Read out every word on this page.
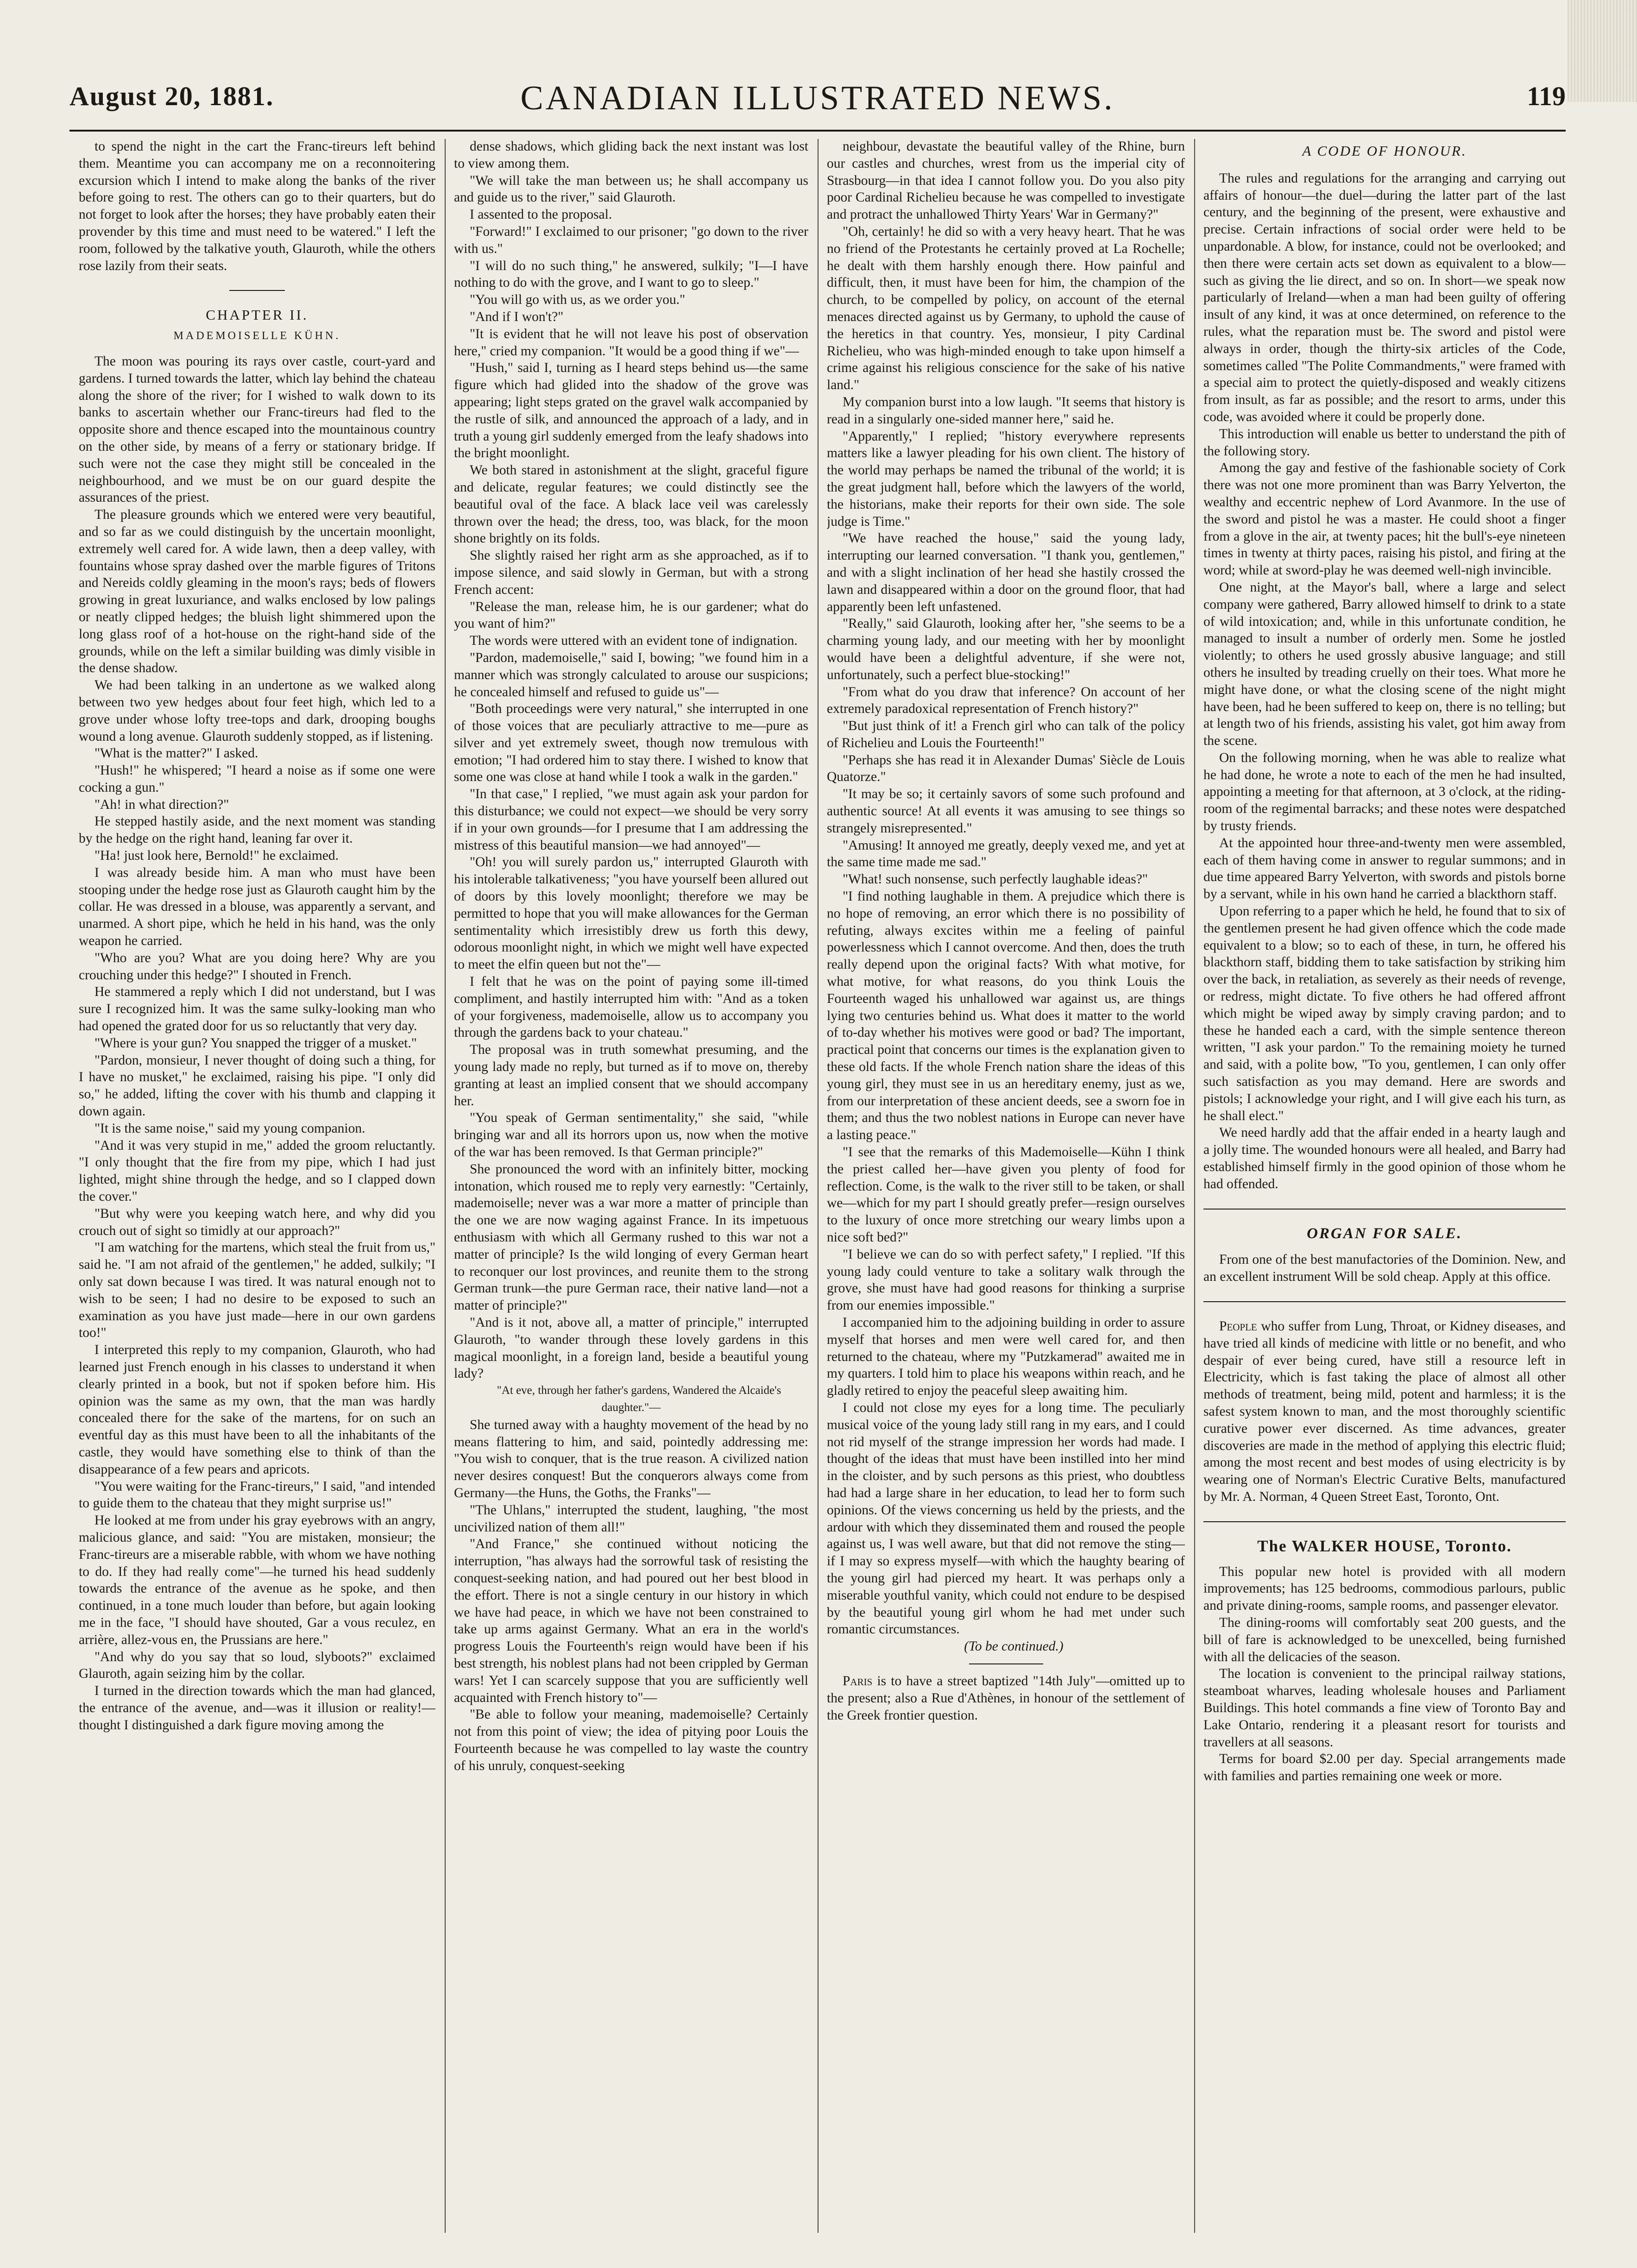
August 20, 1881.	CANADIAN ILLUSTRATED NEWS.	119

to spend the night in the cart the Franc-tireurs left behind them. Meantime you can accompany me on a reconnoitering excursion which I intend to make along the banks of the river before going to rest. The others can go to their quarters, but do not forget to look after the horses; they have probably eaten their provender by this time and must need to be watered." I left the room, followed by the talkative youth, Glauroth, while the others rose lazily from their seats.

CHAPTER II.
MADEMOISELLE KÜHN.

The moon was pouring its rays over castle, court-yard and gardens. I turned towards the latter, which lay behind the chateau along the shore of the river; for I wished to walk down to its banks to ascertain whether our Franc-tireurs had fled to the opposite shore and thence escaped into the mountainous country on the other side, by means of a ferry or stationary bridge. If such were not the case they might still be concealed in the neighbourhood, and we must be on our guard despite the assurances of the priest.

The pleasure grounds which we entered were very beautiful, and so far as we could distinguish by the uncertain moonlight, extremely well cared for. A wide lawn, then a deep valley, with fountains whose spray dashed over the marble figures of Tritons and Nereids coldly gleaming in the moon's rays; beds of flowers growing in great luxuriance, and walks enclosed by low palings or neatly clipped hedges; the bluish light shimmered upon the long glass roof of a hot-house on the right-hand side of the grounds, while on the left a similar building was dimly visible in the dense shadow.

We had been talking in an undertone as we walked along between two yew hedges about four feet high, which led to a grove under whose lofty tree-tops and dark, drooping boughs wound a long avenue. Glauroth suddenly stopped, as if listening.

"What is the matter?" I asked.

"Hush!" he whispered; "I heard a noise as if some one were cocking a gun."

"Ah! in what direction?"

He stepped hastily aside, and the next moment was standing by the hedge on the right hand, leaning far over it.

"Ha! just look here, Bernold!" he exclaimed.

I was already beside him. A man who must have been stooping under the hedge rose just as Glauroth caught him by the collar. He was dressed in a blouse, was apparently a servant, and unarmed. A short pipe, which he held in his hand, was the only weapon he carried.

"Who are you? What are you doing here? Why are you crouching under this hedge?" I shouted in French.

He stammered a reply which I did not understand, but I was sure I recognized him. It was the same sulky-looking man who had opened the grated door for us so reluctantly that very day.

"Where is your gun? You snapped the trigger of a musket."

"Pardon, monsieur, I never thought of doing such a thing, for I have no musket," he exclaimed, raising his pipe. "I only did so," he added, lifting the cover with his thumb and clapping it down again.

"It is the same noise," said my young companion.

"And it was very stupid in me," added the groom reluctantly. "I only thought that the fire from my pipe, which I had just lighted, might shine through the hedge, and so I clapped down the cover."

"But why were you keeping watch here, and why did you crouch out of sight so timidly at our approach?"

"I am watching for the martens, which steal the fruit from us," said he. "I am not afraid of the gentlemen," he added, sulkily; "I only sat down because I was tired. It was natural enough not to wish to be seen; I had no desire to be exposed to such an examination as you have just made—here in our own gardens too!"

I interpreted this reply to my companion, Glauroth, who had learned just French enough in his classes to understand it when clearly printed in a book, but not if spoken before him. His opinion was the same as my own, that the man was hardly concealed there for the sake of the martens, for on such an eventful day as this must have been to all the inhabitants of the castle, they would have something else to think of than the disappearance of a few pears and apricots.

"You were waiting for the Franc-tireurs," I said, "and intended to guide them to the chateau that they might surprise us!"

He looked at me from under his gray eyebrows with an angry, malicious glance, and said: "You are mistaken, monsieur; the Franc-tireurs are a miserable rabble, with whom we have nothing to do. If they had really come"—he turned his head suddenly towards the entrance of the avenue as he spoke, and then continued, in a tone much louder than before, but again looking me in the face, "I should have shouted, Gar a vous reculez, en arrière, allez-vous en, the Prussians are here."

"And why do you say that so loud, slyboots?" exclaimed Glauroth, again seizing him by the collar.

I turned in the direction towards which the man had glanced, the entrance of the avenue, and—was it illusion or reality!—thought I distinguished a dark figure moving among the

dense shadows, which gliding back the next instant was lost to view among them.

"We will take the man between us; he shall accompany us and guide us to the river," said Glauroth.

I assented to the proposal.

"Forward!" I exclaimed to our prisoner; "go down to the river with us."

"I will do no such thing," he answered, sulkily; "I—I have nothing to do with the grove, and I want to go to sleep."

"You will go with us, as we order you."

"And if I won't?"

"It is evident that he will not leave his post of observation here," cried my companion. "It would be a good thing if we"—

"Hush," said I, turning as I heard steps behind us—the same figure which had glided into the shadow of the grove was appearing; light steps grated on the gravel walk accompanied by the rustle of silk, and announced the approach of a lady, and in truth a young girl suddenly emerged from the leafy shadows into the bright moonlight.

We both stared in astonishment at the slight, graceful figure and delicate, regular features; we could distinctly see the beautiful oval of the face. A black lace veil was carelessly thrown over the head; the dress, too, was black, for the moon shone brightly on its folds.

She slightly raised her right arm as she approached, as if to impose silence, and said slowly in German, but with a strong French accent:

"Release the man, release him, he is our gardener; what do you want of him?"

The words were uttered with an evident tone of indignation.

"Pardon, mademoiselle," said I, bowing; "we found him in a manner which was strongly calculated to arouse our suspicions; he concealed himself and refused to guide us"—

"Both proceedings were very natural," she interrupted in one of those voices that are peculiarly attractive to me—pure as silver and yet extremely sweet, though now tremulous with emotion; "I had ordered him to stay there. I wished to know that some one was close at hand while I took a walk in the garden."

"In that case," I replied, "we must again ask your pardon for this disturbance; we could not expect—we should be very sorry if in your own grounds—for I presume that I am addressing the mistress of this beautiful mansion—we had annoyed"—

"Oh! you will surely pardon us," interrupted Glauroth with his intolerable talkativeness; "you have yourself been allured out of doors by this lovely moonlight; therefore we may be permitted to hope that you will make allowances for the German sentimentality which irresistibly drew us forth this dewy, odorous moonlight night, in which we might well have expected to meet the elfin queen but not the"—

I felt that he was on the point of paying some ill-timed compliment, and hastily interrupted him with: "And as a token of your forgiveness, mademoiselle, allow us to accompany you through the gardens back to your chateau."

The proposal was in truth somewhat presuming, and the young lady made no reply, but turned as if to move on, thereby granting at least an implied consent that we should accompany her.

"You speak of German sentimentality," she said, "while bringing war and all its horrors upon us, now when the motive of the war has been removed. Is that German principle?"

She pronounced the word with an infinitely bitter, mocking intonation, which roused me to reply very earnestly: "Certainly, mademoiselle; never was a war more a matter of principle than the one we are now waging against France. In its impetuous enthusiasm with which all Germany rushed to this war not a matter of principle? Is the wild longing of every German heart to reconquer our lost provinces, and reunite them to the strong German trunk—the pure German race, their native land—not a matter of principle?"

"And is it not, above all, a matter of principle," interrupted Glauroth, "to wander through these lovely gardens in this magical moonlight, in a foreign land, beside a beautiful young lady?

"At eve, through her father's gardens, Wandered the Alcaide's daughter."—

She turned away with a haughty movement of the head by no means flattering to him, and said, pointedly addressing me: "You wish to conquer, that is the true reason. A civilized nation never desires conquest! But the conquerors always come from Germany—the Huns, the Goths, the Franks"—

"The Uhlans," interrupted the student, laughing, "the most uncivilized nation of them all!"

"And France," she continued without noticing the interruption, "has always had the sorrowful task of resisting the conquest-seeking nation, and had poured out her best blood in the effort. There is not a single century in our history in which we have had peace, in which we have not been constrained to take up arms against Germany. What an era in the world's progress Louis the Fourteenth's reign would have been if his best strength, his noblest plans had not been crippled by German wars! Yet I can scarcely suppose that you are sufficiently well acquainted with French history to"—

"Be able to follow your meaning, mademoiselle? Certainly not from this point of view; the idea of pitying poor Louis the Fourteenth because he was compelled to lay waste the country of his unruly, conquest-seeking

neighbour, devastate the beautiful valley of the Rhine, burn our castles and churches, wrest from us the imperial city of Strasbourg—in that idea I cannot follow you. Do you also pity poor Cardinal Richelieu because he was compelled to investigate and protract the unhallowed Thirty Years' War in Germany?"

"Oh, certainly! he did so with a very heavy heart. That he was no friend of the Protestants he certainly proved at La Rochelle; he dealt with them harshly enough there. How painful and difficult, then, it must have been for him, the champion of the church, to be compelled by policy, on account of the eternal menaces directed against us by Germany, to uphold the cause of the heretics in that country. Yes, monsieur, I pity Cardinal Richelieu, who was high-minded enough to take upon himself a crime against his religious conscience for the sake of his native land."

My companion burst into a low laugh. "It seems that history is read in a singularly one-sided manner here," said he.

"Apparently," I replied; "history everywhere represents matters like a lawyer pleading for his own client. The history of the world may perhaps be named the tribunal of the world; it is the great judgment hall, before which the lawyers of the world, the historians, make their reports for their own side. The sole judge is Time."

"We have reached the house," said the young lady, interrupting our learned conversation. "I thank you, gentlemen," and with a slight inclination of her head she hastily crossed the lawn and disappeared within a door on the ground floor, that had apparently been left unfastened.

"Really," said Glauroth, looking after her, "she seems to be a charming young lady, and our meeting with her by moonlight would have been a delightful adventure, if she were not, unfortunately, such a perfect blue-stocking!"

"From what do you draw that inference? On account of her extremely paradoxical representation of French history?"

"But just think of it! a French girl who can talk of the policy of Richelieu and Louis the Fourteenth!"

"Perhaps she has read it in Alexander Dumas' Siècle de Louis Quatorze."

"It may be so; it certainly savors of some such profound and authentic source! At all events it was amusing to see things so strangely misrepresented."

"Amusing! It annoyed me greatly, deeply vexed me, and yet at the same time made me sad."

"What! such nonsense, such perfectly laughable ideas?"

"I find nothing laughable in them. A prejudice which there is no hope of removing, an error which there is no possibility of refuting, always excites within me a feeling of painful powerlessness which I cannot overcome. And then, does the truth really depend upon the original facts? With what motive, for what motive, for what reasons, do you think Louis the Fourteenth waged his unhallowed war against us, are things lying two centuries behind us. What does it matter to the world of to-day whether his motives were good or bad? The important, practical point that concerns our times is the explanation given to these old facts. If the whole French nation share the ideas of this young girl, they must see in us an hereditary enemy, just as we, from our interpretation of these ancient deeds, see a sworn foe in them; and thus the two noblest nations in Europe can never have a lasting peace."

"I see that the remarks of this Mademoiselle—Kühn I think the priest called her—have given you plenty of food for reflection. Come, is the walk to the river still to be taken, or shall we—which for my part I should greatly prefer—resign ourselves to the luxury of once more stretching our weary limbs upon a nice soft bed?"

"I believe we can do so with perfect safety," I replied. "If this young lady could venture to take a solitary walk through the grove, she must have had good reasons for thinking a surprise from our enemies impossible."

I accompanied him to the adjoining building in order to assure myself that horses and men were well cared for, and then returned to the chateau, where my "Putzkamerad" awaited me in my quarters. I told him to place his weapons within reach, and he gladly retired to enjoy the peaceful sleep awaiting him.

I could not close my eyes for a long time. The peculiarly musical voice of the young lady still rang in my ears, and I could not rid myself of the strange impression her words had made. I thought of the ideas that must have been instilled into her mind in the cloister, and by such persons as this priest, who doubtless had had a large share in her education, to lead her to form such opinions. Of the views concerning us held by the priests, and the ardour with which they disseminated them and roused the people against us, I was well aware, but that did not remove the sting—if I may so express myself—with which the haughty bearing of the young girl had pierced my heart. It was perhaps only a miserable youthful vanity, which could not endure to be despised by the beautiful young girl whom he had met under such romantic circumstances.

(To be continued.)

Paris is to have a street baptized "14th July"—omitted up to the present; also a Rue d'Athènes, in honour of the settlement of the Greek frontier question.

A CODE OF HONOUR.

The rules and regulations for the arranging and carrying out affairs of honour—the duel—during the latter part of the last century, and the beginning of the present, were exhaustive and precise. Certain infractions of social order were held to be unpardonable. A blow, for instance, could not be overlooked; and then there were certain acts set down as equivalent to a blow—such as giving the lie direct, and so on. In short—we speak now particularly of Ireland—when a man had been guilty of offering insult of any kind, it was at once determined, on reference to the rules, what the reparation must be. The sword and pistol were always in order, though the thirty-six articles of the Code, sometimes called "The Polite Commandments," were framed with a special aim to protect the quietly-disposed and weakly citizens from insult, as far as possible; and the resort to arms, under this code, was avoided where it could be properly done.

This introduction will enable us better to understand the pith of the following story.

Among the gay and festive of the fashionable society of Cork there was not one more prominent than was Barry Yelverton, the wealthy and eccentric nephew of Lord Avanmore. In the use of the sword and pistol he was a master. He could shoot a finger from a glove in the air, at twenty paces; hit the bull's-eye nineteen times in twenty at thirty paces, raising his pistol, and firing at the word; while at sword-play he was deemed well-nigh invincible.

One night, at the Mayor's ball, where a large and select company were gathered, Barry allowed himself to drink to a state of wild intoxication; and, while in this unfortunate condition, he managed to insult a number of orderly men. Some he jostled violently; to others he used grossly abusive language; and still others he insulted by treading cruelly on their toes. What more he might have done, or what the closing scene of the night might have been, had he been suffered to keep on, there is no telling; but at length two of his friends, assisting his valet, got him away from the scene.

On the following morning, when he was able to realize what he had done, he wrote a note to each of the men he had insulted, appointing a meeting for that afternoon, at 3 o'clock, at the riding-room of the regimental barracks; and these notes were despatched by trusty friends.

At the appointed hour three-and-twenty men were assembled, each of them having come in answer to regular summons; and in due time appeared Barry Yelverton, with swords and pistols borne by a servant, while in his own hand he carried a blackthorn staff.

Upon referring to a paper which he held, he found that to six of the gentlemen present he had given offence which the code made equivalent to a blow; so to each of these, in turn, he offered his blackthorn staff, bidding them to take satisfaction by striking him over the back, in retaliation, as severely as their needs of revenge, or redress, might dictate. To five others he had offered affront which might be wiped away by simply craving pardon; and to these he handed each a card, with the simple sentence thereon written, "I ask your pardon." To the remaining moiety he turned and said, with a polite bow, "To you, gentlemen, I can only offer such satisfaction as you may demand. Here are swords and pistols; I acknowledge your right, and I will give each his turn, as he shall elect."

We need hardly add that the affair ended in a hearty laugh and a jolly time. The wounded honours were all healed, and Barry had established himself firmly in the good opinion of those whom he had offended.

ORGAN FOR SALE.

From one of the best manufactories of the Dominion. New, and an excellent instrument Will be sold cheap. Apply at this office.

People who suffer from Lung, Throat, or Kidney diseases, and have tried all kinds of medicine with little or no benefit, and who despair of ever being cured, have still a resource left in Electricity, which is fast taking the place of almost all other methods of treatment, being mild, potent and harmless; it is the safest system known to man, and the most thoroughly scientific curative power ever discerned. As time advances, greater discoveries are made in the method of applying this electric fluid; among the most recent and best modes of using electricity is by wearing one of Norman's Electric Curative Belts, manufactured by Mr. A. Norman, 4 Queen Street East, Toronto, Ont.

The WALKER HOUSE, Toronto.

This popular new hotel is provided with all modern improvements; has 125 bedrooms, commodious parlours, public and private dining-rooms, sample rooms, and passenger elevator.

The dining-rooms will comfortably seat 200 guests, and the bill of fare is acknowledged to be unexcelled, being furnished with all the delicacies of the season.

The location is convenient to the principal railway stations, steamboat wharves, leading wholesale houses and Parliament Buildings. This hotel commands a fine view of Toronto Bay and Lake Ontario, rendering it a pleasant resort for tourists and travellers at all seasons.

Terms for board $2.00 per day. Special arrangements made with families and parties remaining one week or more.
